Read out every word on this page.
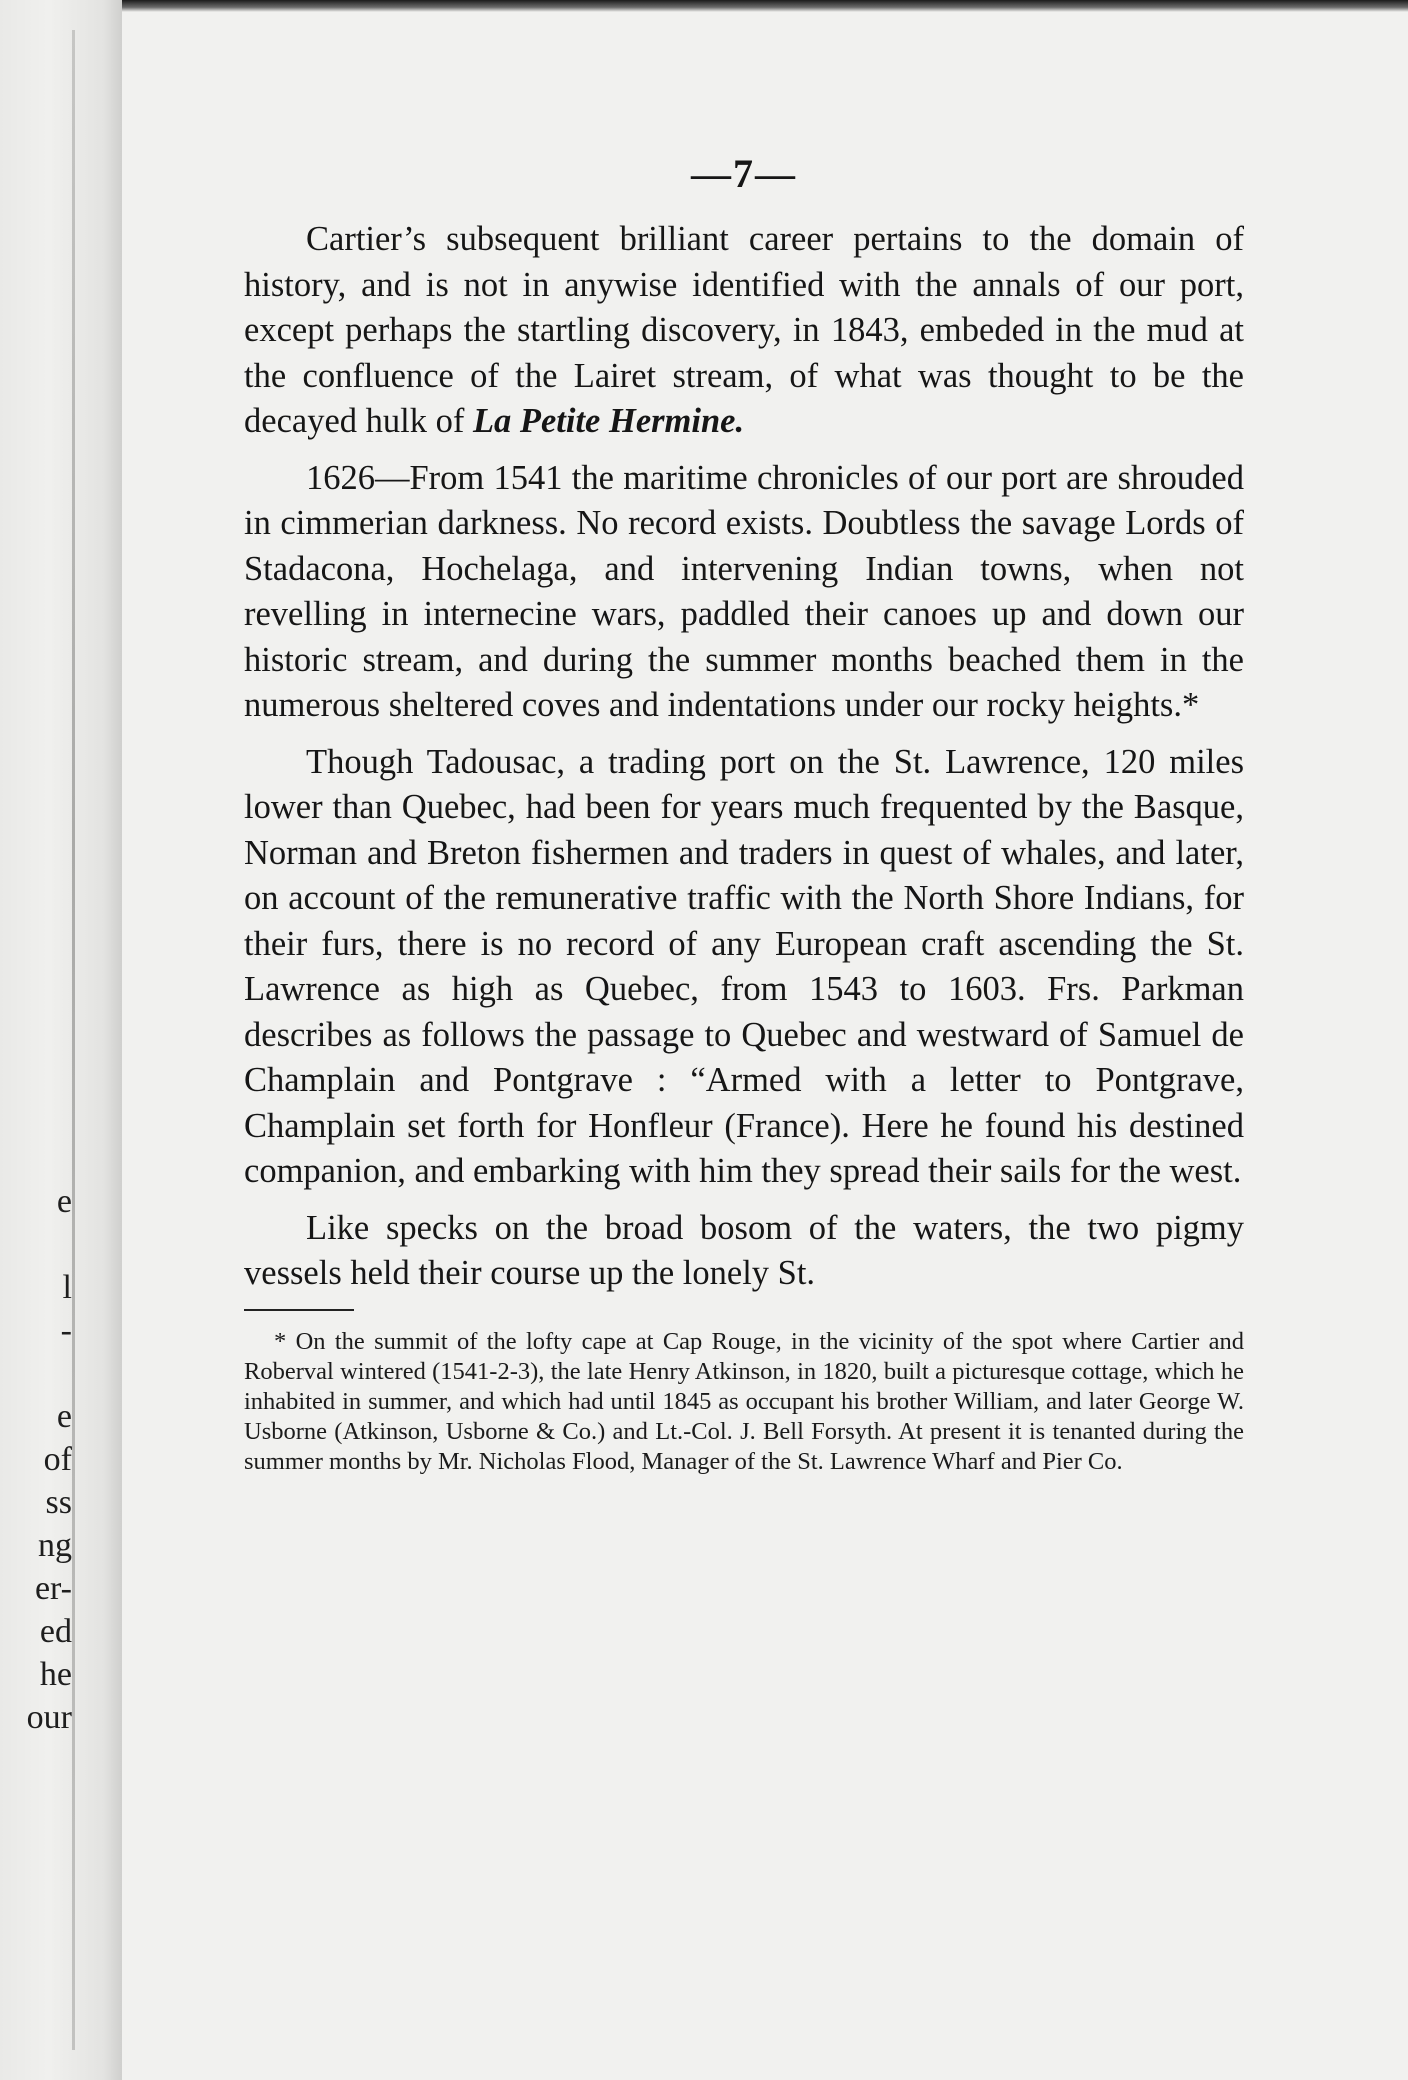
e
l
-
e
of
ss
ng
er-
ed
he
our
—7—

Cartier’s subsequent brilliant career pertains to the domain of history, and is not in anywise identified with the annals of our port, except perhaps the startling discovery, in 1843, embeded in the mud at the confluence of the Lairet stream, of what was thought to be the decayed hulk of La Petite Hermine.

1626—From 1541 the maritime chronicles of our port are shrouded in cimmerian darkness. No record exists. Doubtless the savage Lords of Stadacona, Hochelaga, and intervening Indian towns, when not revelling in internecine wars, paddled their canoes up and down our historic stream, and during the summer months beached them in the numerous sheltered coves and indentations under our rocky heights.*

Though Tadousac, a trading port on the St. Lawrence, 120 miles lower than Quebec, had been for years much frequented by the Basque, Norman and Breton fishermen and traders in quest of whales, and later, on account of the remunerative traffic with the North Shore Indians, for their furs, there is no record of any European craft ascending the St. Lawrence as high as Quebec, from 1543 to 1603. Frs. Parkman describes as follows the passage to Quebec and westward of Samuel de Champlain and Pontgrave : “Armed with a letter to Pontgrave, Champlain set forth for Honfleur (France). Here he found his destined companion, and embarking with him they spread their sails for the west.

Like specks on the broad bosom of the waters, the two pigmy vessels held their course up the lonely St.

* On the summit of the lofty cape at Cap Rouge, in the vicinity of the spot where Cartier and Roberval wintered (1541-2-3), the late Henry Atkinson, in 1820, built a picturesque cottage, which he inhabited in summer, and which had until 1845 as occupant his brother William, and later George W. Usborne (Atkinson, Usborne & Co.) and Lt.-Col. J. Bell Forsyth. At present it is tenanted during the summer months by Mr. Nicholas Flood, Manager of the St. Lawrence Wharf and Pier Co.
